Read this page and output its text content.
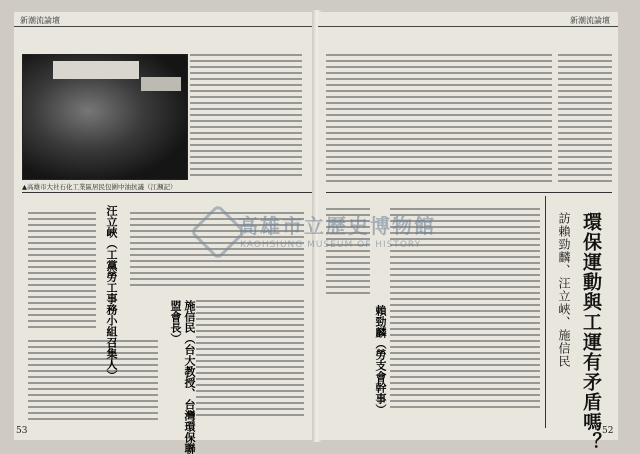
新潮流論壇
53
新潮流論壇
52
▲高雄市大社石化工業區居民包圍中油抗議（江瀕記）
環保運動與工運有矛盾嗎？
訪賴勁麟、汪立峽、施信民
汪立峽（工黨勞工事務小組召集人）	施信民（台大教授、台灣環保聯盟會長）	賴勁麟（勞支會幹事）
高雄市立歷史博物館
KAOHSIUNG MUSEUM OF HISTORY
